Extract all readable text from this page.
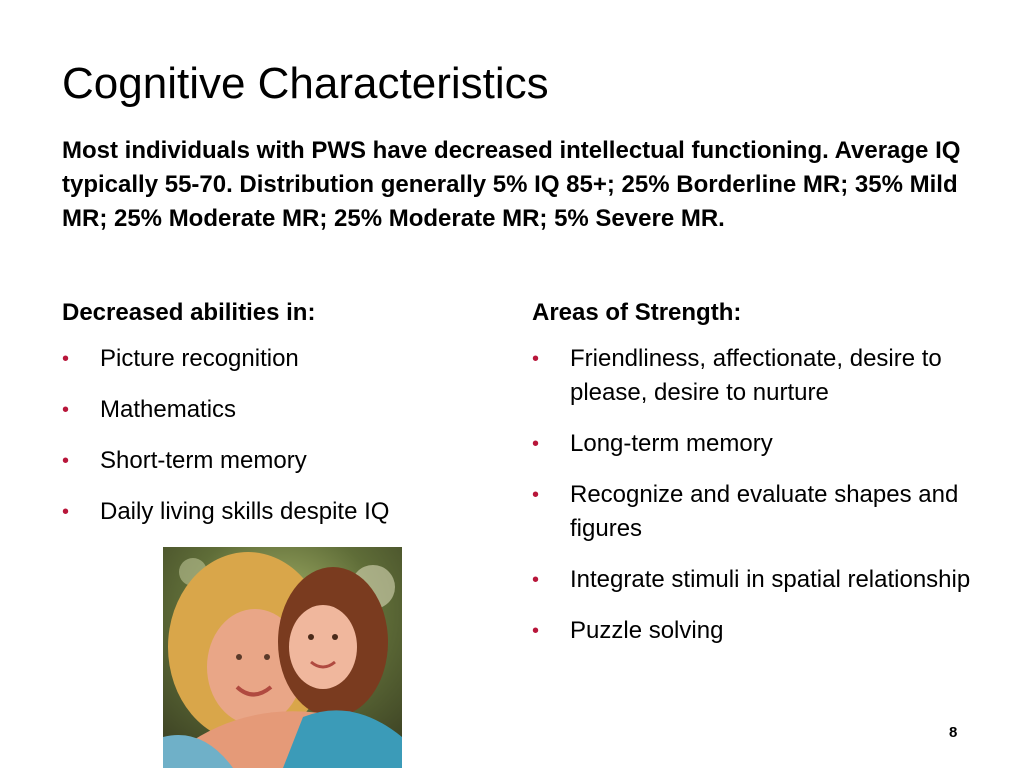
Cognitive Characteristics

Most individuals with PWS have decreased intellectual functioning. Average IQ typically 55-70. Distribution generally 5% IQ 85+; 25% Borderline MR; 35% Mild MR; 25% Moderate MR; 25% Moderate MR; 5% Severe MR.

Decreased abilities in:
• Picture recognition
• Mathematics
• Short-term memory
• Daily living skills despite IQ
Areas of Strength:
• Friendliness, affectionate, desire to please, desire to nurture
• Long-term memory
• Recognize and evaluate shapes and figures
• Integrate stimuli in spatial relationship
• Puzzle solving
8
